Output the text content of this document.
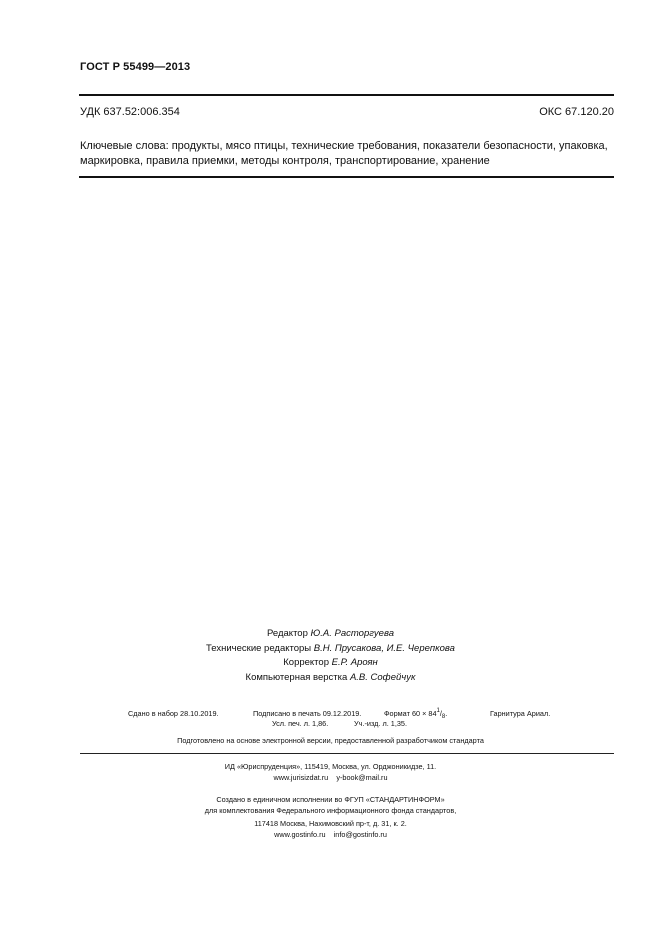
ГОСТ Р 55499—2013
УДК 637.52:006.354	ОКС 67.120.20
Ключевые слова: продукты, мясо птицы, технические требования, показатели безопасности, упаковка, маркировка, правила приемки, методы контроля, транспортирование, хранение
Редактор Ю.А. Расторгуева
Технические редакторы В.Н. Прусакова, И.Е. Черепкова
Корректор Е.Р. Ароян
Компьютерная верстка А.В. Софейчук
Сдано в набор 28.10.2019.	Подписано в печать 09.12.2019.	Формат $60 \times 84^1/_8$.	Гарнитура Ариал.
Усл. печ. л. 1,86.	Уч.-изд. л. 1,35.
Подготовлено на основе электронной версии, предоставленной разработчиком стандарта
ИД «Юриспруденция», 115419, Москва, ул. Орджоникидзе, 11.
www.jurisizdat.ru    y-book@mail.ru
Создано в единичном исполнении во ФГУП «СТАНДАРТИНФОРМ»
для комплектования Федерального информационного фонда стандартов,
117418 Москва, Нахимовский пр-т, д. 31, к. 2.
www.gostinfo.ru    info@gostinfo.ru
